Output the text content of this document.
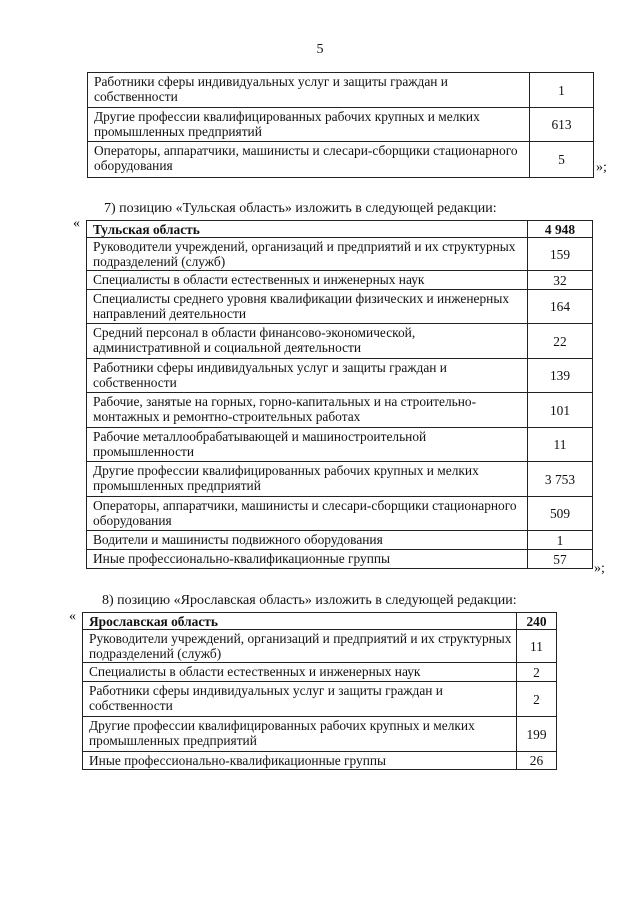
5
Работники сферы индивидуальных услуг и защиты граждан и собственности	1
Другие профессии квалифицированных рабочих крупных и мелких промышленных предприятий	613
Операторы, аппаратчики, машинисты и слесари-сборщики стационарного оборудования	5
»;
7) позицию «Тульская область» изложить в следующей редакции:
« Тульская область	4 948
Руководители учреждений, организаций и предприятий и их структурных подразделений (служб)	159
Специалисты в области естественных и инженерных наук	32
Специалисты среднего уровня квалификации физических и инженерных направлений деятельности	164
Средний персонал в области финансово-экономической, административной и социальной деятельности	22
Работники сферы индивидуальных услуг и защиты граждан и собственности	139
Рабочие, занятые на горных, горно-капитальных и на строительно-монтажных и ремонтно-строительных работах	101
Рабочие металлообрабатывающей и машиностроительной промышленности	11
Другие профессии квалифицированных рабочих крупных и мелких промышленных предприятий	3 753
Операторы, аппаратчики, машинисты и слесари-сборщики стационарного оборудования	509
Водители и машинисты подвижного оборудования	1
Иные профессионально-квалификационные группы	57
»;
8) позицию «Ярославская область» изложить в следующей редакции:
« Ярославская область	240
Руководители учреждений, организаций и предприятий и их структурных подразделений (служб)	11
Специалисты в области естественных и инженерных наук	2
Работники сферы индивидуальных услуг и защиты граждан и собственности	2
Другие профессии квалифицированных рабочих крупных и мелких промышленных предприятий	199
Иные профессионально-квалификационные группы	26
